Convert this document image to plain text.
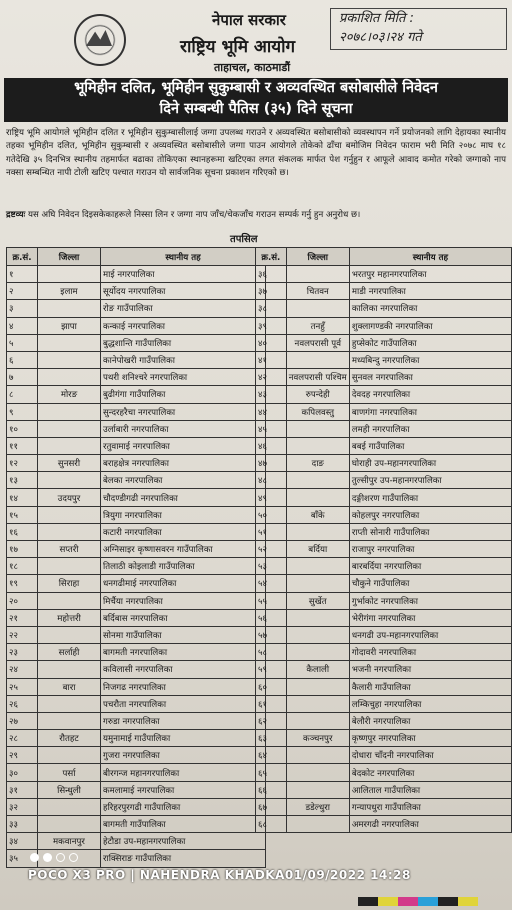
नेपाल सरकार
राष्ट्रिय भूमि आयोग
ताहाचल, काठमाडौं
प्रकाशित मिति :
२०७८।०३।२४ गते
भूमिहीन दलित, भूमिहीन सुकुम्बासी र अव्यवस्थित बसोबासीले निवेदन
दिने सम्बन्धी पैतिस (३५) दिने सूचना
राष्ट्रिय भूमि आयोगले भूमिहीन दलित र भूमिहीन सुकुम्बासीलाई जग्गा उपलब्ध गराउने र अव्यवस्थित बसोबासीको व्यवस्थापन गर्ने प्रयोजनको लागि देहायका स्थानीय तहका भूमिहीन दलित, भूमिहीन सुकुम्बासी र अव्यवस्थित बसोबासीले जग्गा पाउन आयोगले तोकेको ढाँचा बमोजिम निवेदन फाराम भरी मिति २०७८ माघ १८ गतेदेखि ३५ दिनभित्र स्थानीय तहमार्फत बढाका तोकिएका स्थानहरूमा खटिएका लगत संकलक मार्फत पेश गर्नुहुन र आफूले आवाद कमोत गरेको जग्गाको नाप नक्सा सम्बन्धित नापी टोली खटिए पश्चात गराउन यो सार्वजनिक सूचना प्रकाशन गरिएको छ।
द्रष्टव्यः यस अघि निवेदन दिइसकेकाहरूले निस्सा लिन र जग्गा नाप जाँच/चेकजाँच गराउन सम्पर्क गर्नु हुन अनुरोध छ।
तपसिल
क्र.सं.	जिल्ला	स्थानीय तह
१		माई नगरपालिका
२	इलाम	सूर्योदय नगरपालिका
३		रोङ गाउँपालिका
४	झापा	कन्काई नगरपालिका
५		बुद्धशान्ति गाउँपालिका
६		कानेपोखरी गाउँपालिका
७		पथरी शनिश्चरे नगरपालिका
८	मोरङ	बुढीगंगा गाउँपालिका
९		सुन्दरहरैचा नगरपालिका
१०		उर्लाबारी नगरपालिका
११		रतुवामाई नगरपालिका
१२	सुनसरी	बराहक्षेत्र नगरपालिका
१३		बेलका नगरपालिका
१४	उदयपुर	चौदण्डीगढी नगरपालिका
१५		त्रियुगा नगरपालिका
१६		कटारी नगरपालिका
१७	सप्तरी	अग्निसाइर कृष्णासवरन गाउँपालिका
१८		तिलाठी कोइलाडी गाउँपालिका
१९	सिराहा	धनगढीमाई नगरपालिका
२०		मिर्चैया नगरपालिका
२१	महोत्तरी	बर्दिबास नगरपालिका
२२		सोनमा गाउँपालिका
२३	सर्लाही	बागमती नगरपालिका
२४		कविलासी नगरपालिका
२५	बारा	निजगढ नगरपालिका
२६		पचरौता नगरपालिका
२७		गरुडा नगरपालिका
२८	रौतहट	यमुनामाई गाउँपालिका
२९		गुजरा नगरपालिका
३०	पर्सा	बीरगन्ज महानगरपालिका
३१	सिन्धुली	कमलामाई नगरपालिका
३२		हरिहरपुरगढी गाउँपालिका
३३		बागमती गाउँपालिका
३४	मकवानपुर	हेटौडा उप-महानगरपालिका
३५		राक्सिराङ गाउँपालिका
क्र.सं.	जिल्ला	स्थानीय तह
३६		भरतपुर महानगरपालिका
३७	चितवन	माडी नगरपालिका
३८		कालिका नगरपालिका
३९	तनहुँ	शुक्लागण्डकी नगरपालिका
४०	नवलपरासी पूर्व	हुप्सेकोट गाउँपालिका
४१		मध्यबिन्दु नगरपालिका
४२	नवलपरासी पश्चिम	सुनवल नगरपालिका
४३	रुपन्देही	देवदह नगरपालिका
४४	कपिलवस्तु	बाणगंगा नगरपालिका
४५		लमही नगरपालिका
४६		बबई गाउँपालिका
४७	दाङ	घोराही उप-महानगरपालिका
४८		तुल्सीपुर उप-महानगरपालिका
४९		दङ्गीशरण गाउँपालिका
५०	बाँके	कोहलपुर नगरपालिका
५१		राप्ती सोनारी गाउँपालिका
५२	बर्दिया	राजापुर नगरपालिका
५३		बारबर्दिया नगरपालिका
५४		चौकुने गाउँपालिका
५५	सुर्खेत	गुर्भाकोट नगरपालिका
५६		भेरीगंगा नगरपालिका
५७		धनगढी उप-महानगरपालिका
५८		गोदावरी नगरपालिका
५९	कैलाली	भजनी नगरपालिका
६०		कैलारी गाउँपालिका
६१		लम्किचुहा नगरपालिका
६२		बेलौरी नगरपालिका
६३	कञ्चनपुर	कृष्णपुर नगरपालिका
६४		दोधारा चाँदनी नगरपालिका
६५		बेदकोट नगरपालिका
६६		आलिताल गाउँपालिका
६७	डडेल्धुरा	गन्यापधुरा गाउँपालिका
६८		अमरगढी नगरपालिका
POCO X3 PRO | NAHENDRA KHADKA01/09/2022 14:28
